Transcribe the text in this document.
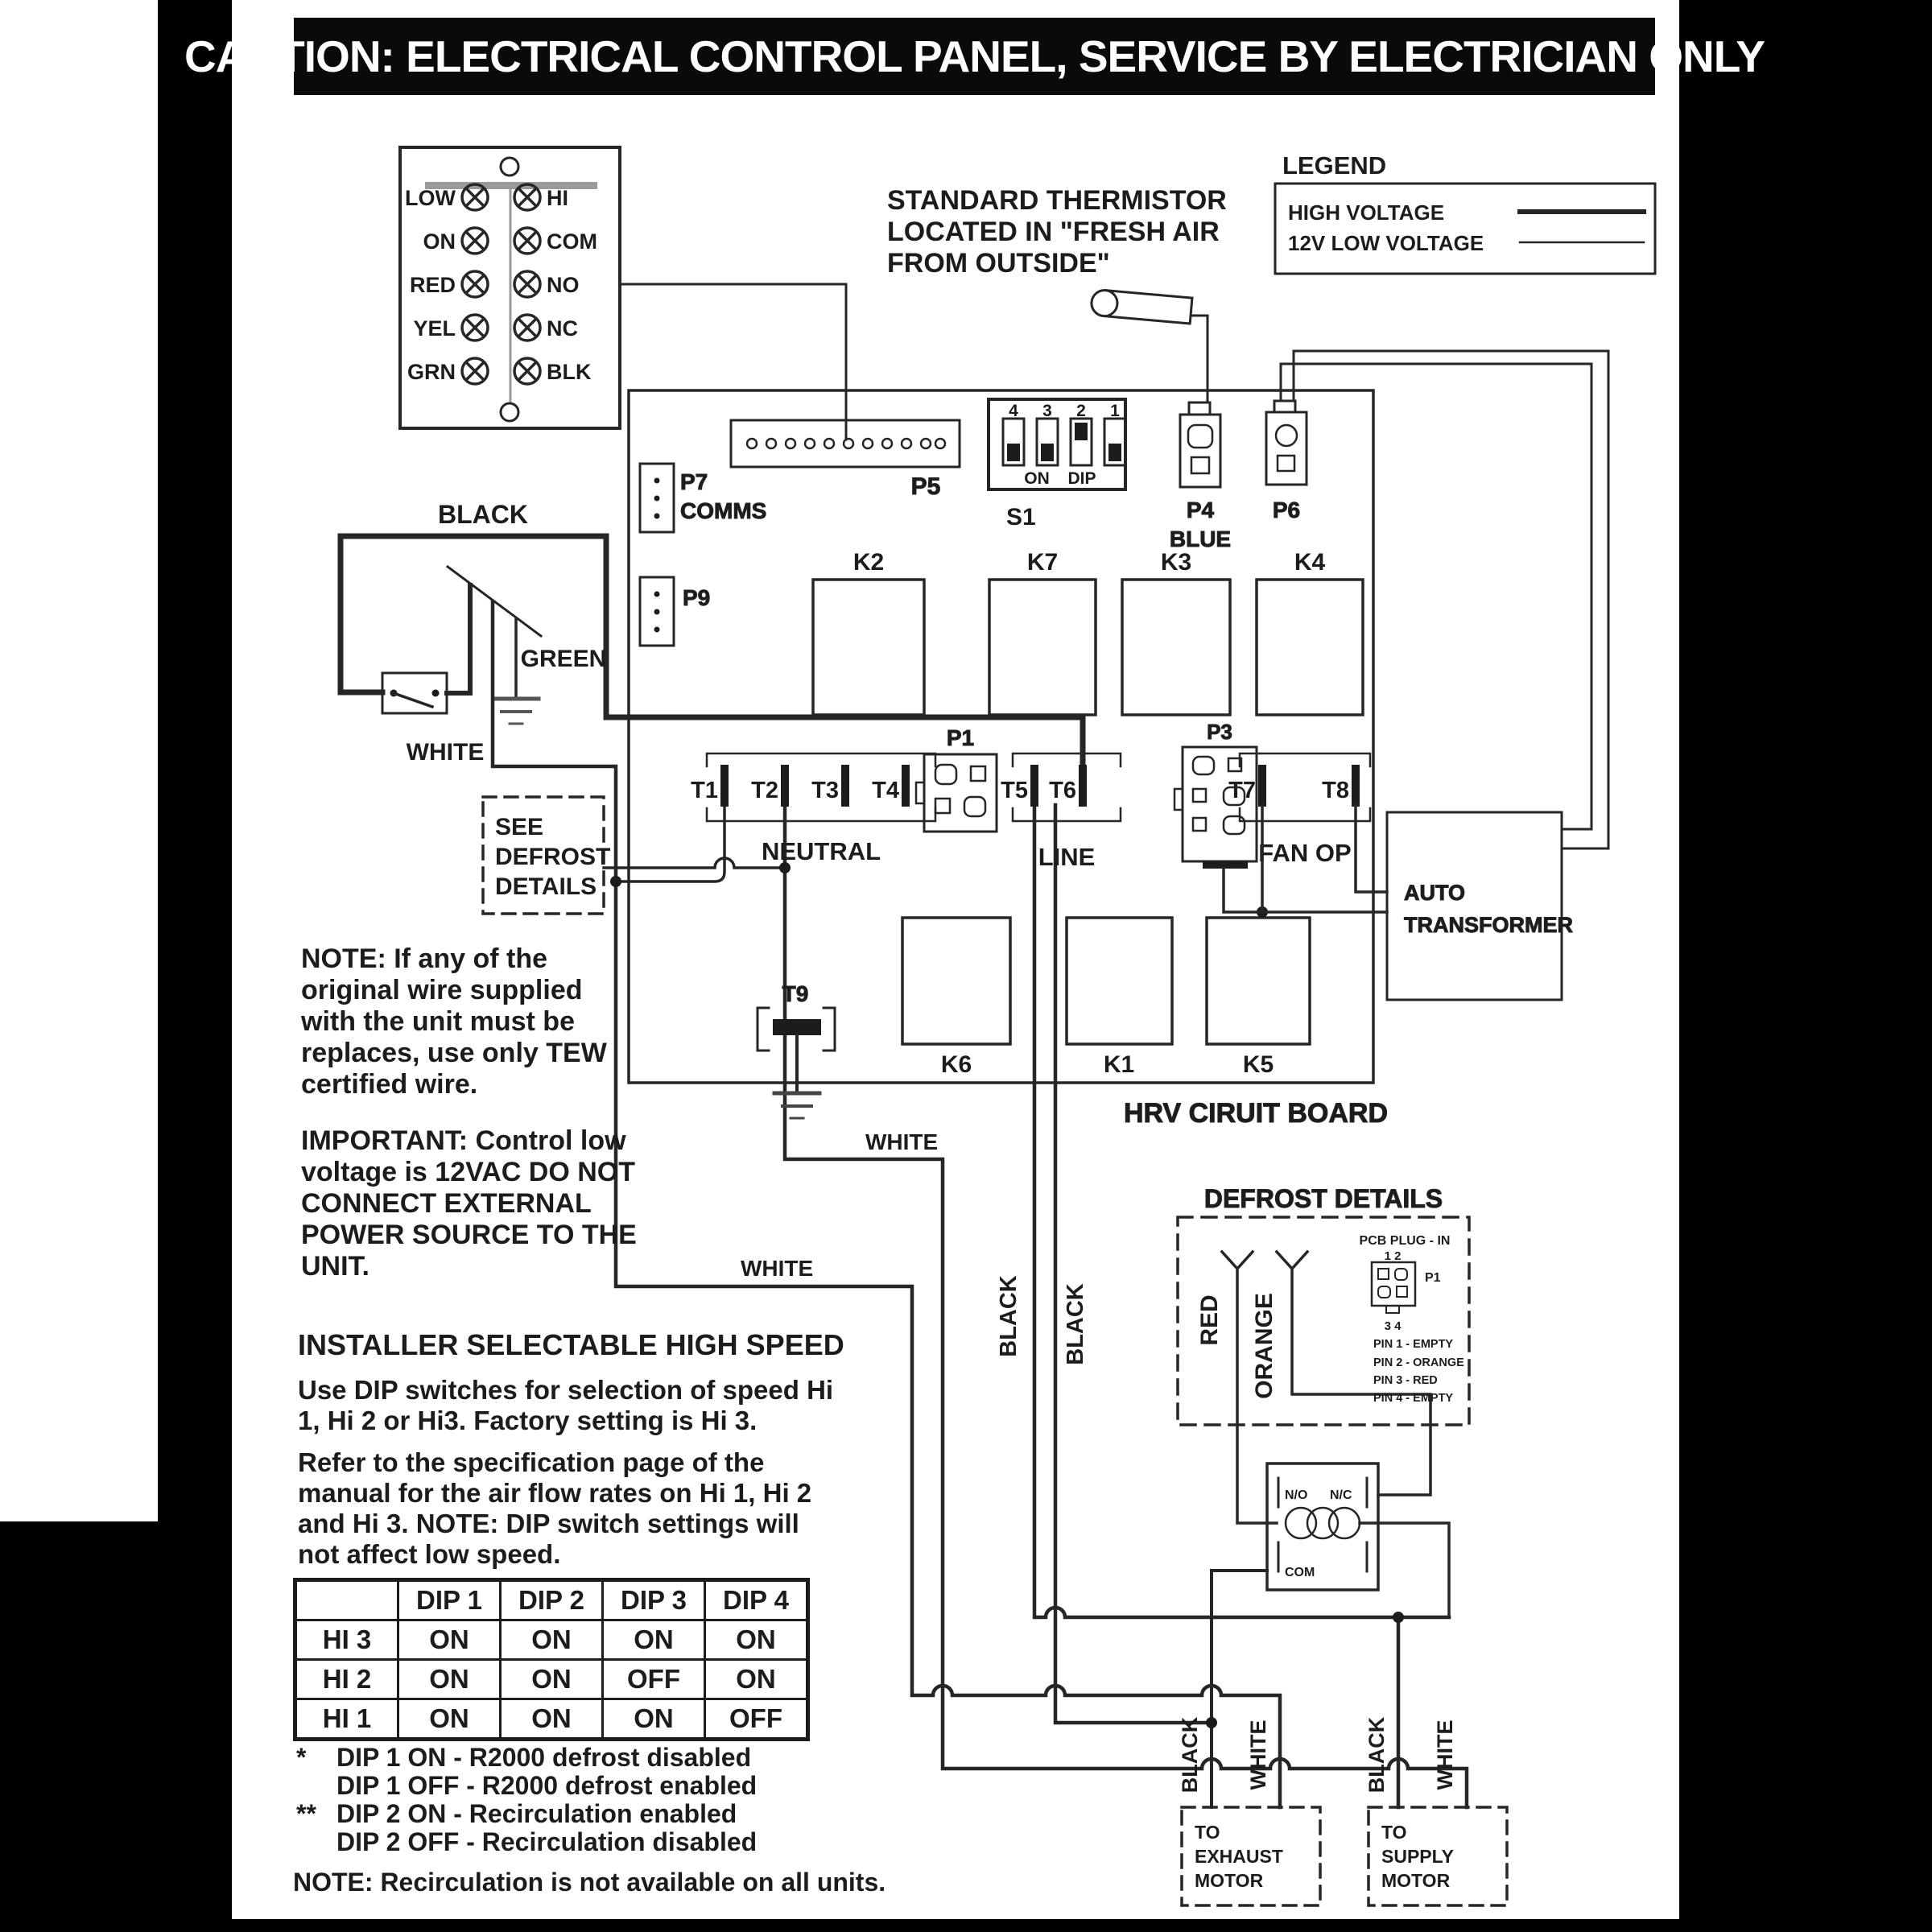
CAUTION: ELECTRICAL CONTROL PANEL, SERVICE BY ELECTRICIAN ONLY
LOW
ON
RED
YEL
GRN
HI
COM
NO
NC
BLK
LEGEND
HIGH VOLTAGE
12V LOW VOLTAGE
STANDARD THERMISTOR
LOCATED IN "FRESH AIR
FROM OUTSIDE"
P5
P7
COMMS
P9
4 3 2 1
ON DIP
S1	P4
BLUE
P6
K2	K7	K3	K4
K6	K1	K5
HRV CIRUIT BOARD
BLACK
GREEN
WHITE
T1 T2 T3 T4	T5 T6	T7	T8
NEUTRAL	LINE	FAN OP
P1	P3
AUTO
TRANSFORMER
T9
SEE
DEFROST
DETAILS
WHITE
WHITE
BLACK BLACK
DEFROST DETAILS
RED ORANGE
PCB PLUG - IN
1 2
P1
3 4
PIN 1 - EMPTY
PIN 2 - ORANGE
PIN 3 - RED
PIN 4 - EMPTY
N/O N/C
COM
BLACK WHITE	BLACK WHITE
TO
EXHAUST
MOTOR
TO
SUPPLY
MOTOR
NOTE: If any of the
original wire supplied
with the unit must be
replaces, use only TEW
certified wire.
IMPORTANT: Control low
voltage is 12VAC DO NOT
CONNECT EXTERNAL
POWER SOURCE TO THE
UNIT.
INSTALLER SELECTABLE HIGH SPEED
Use DIP switches for selection of speed Hi
1, Hi 2 or Hi3. Factory setting is Hi 3.
Refer to the specification page of the
manual for the air flow rates on Hi 1, Hi 2
and Hi 3. NOTE: DIP switch settings will
not affect low speed.
	DIP 1	DIP 2	DIP 3	DIP 4
HI 3	ON	ON	ON	ON
HI 2	ON	ON	OFF	ON
HI 1	ON	ON	ON	OFF
*	DIP 1 ON - R2000 defrost disabled
DIP 1 OFF - R2000 defrost enabled
** DIP 2 ON - Recirculation enabled
DIP 2 OFF - Recirculation disabled
NOTE: Recirculation is not available on all units.
